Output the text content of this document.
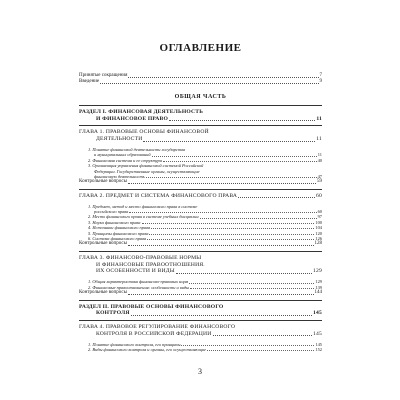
ОГЛАВЛЕНИЕ
Принятые сокращения	7
Введение	9
ОБЩАЯ ЧАСТЬ
РАЗДЕЛ I. ФИНАНСОВАЯ ДЕЯТЕЛЬНОСТЬ
И ФИНАНСОВОЕ ПРАВО	11
ГЛАВА 1. ПРАВОВЫЕ ОСНОВЫ ФИНАНСОВОЙ
ДЕЯТЕЛЬНОСТИ	11
1. Понятие финансовой деятельности государства
и муниципальных образований	11
2. Финансовая система и ее структура	40
3. Организация управления финансовой системой Российской
Федерации. Государственные органы, осуществляющие
финансовую деятельность	47
Контрольные вопросы	59
ГЛАВА 2. ПРЕДМЕТ И СИСТЕМА ФИНАНСОВОГО ПРАВА	60
1. Предмет, метод и место финансового права в системе
российского права	60
2. Место финансового права в системе учебных дисциплин	97
3. Наука финансового права	100
4. Источники финансового права	104
5. Принципы финансового права	120
6. Система финансового права	126
Контрольные вопросы	128
ГЛАВА 3. ФИНАНСОВО-ПРАВОВЫЕ НОРМЫ
И ФИНАНСОВЫЕ ПРАВООТНОШЕНИЯ.
ИХ ОСОБЕННОСТИ И ВИДЫ	129
1. Общая характеристика финансово-правовых норм	129
2. Финансовые правоотношения: особенности и виды	139
Контрольные вопросы	144
РАЗДЕЛ II. ПРАВОВЫЕ ОСНОВЫ ФИНАНСОВОГО
КОНТРОЛЯ	145
ГЛАВА 4. ПРАВОВОЕ РЕГУЛИРОВАНИЕ ФИНАНСОВОГО
КОНТРОЛЯ В РОССИЙСКОЙ ФЕДЕРАЦИИ	145
1. Понятие финансового контроля, его принципы	145
2. Виды финансового контроля и органы, его осуществляющие	152
3
